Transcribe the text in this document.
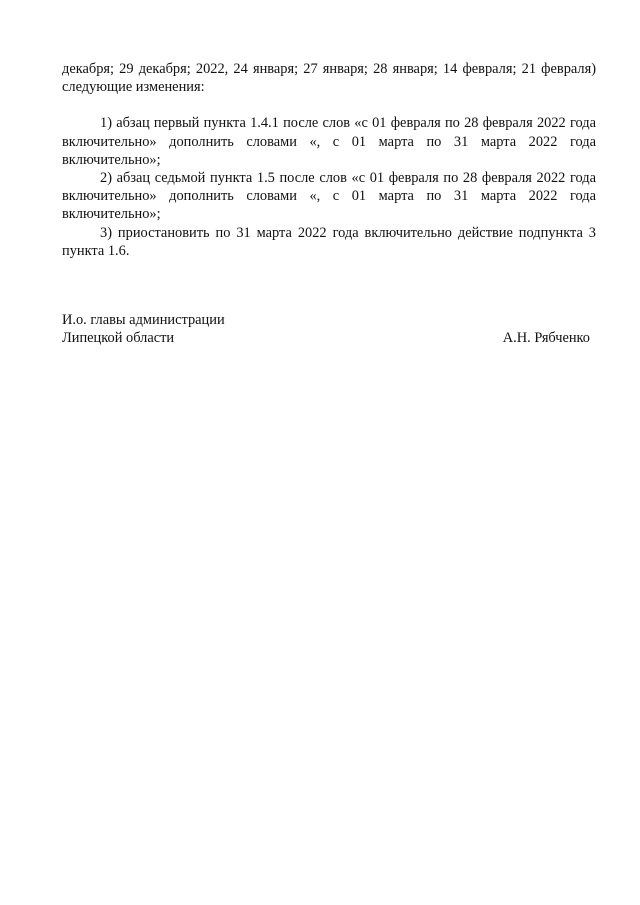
декабря; 29 декабря; 2022, 24 января; 27 января; 28 января; 14 февраля; 21 февраля) следующие изменения:

1) абзац первый пункта 1.4.1 после слов «с 01 февраля по 28 февраля 2022 года включительно» дополнить словами «, с 01 марта по 31 марта 2022 года включительно»;

2) абзац седьмой пункта 1.5 после слов «с 01 февраля по 28 февраля 2022 года включительно» дополнить словами «, с 01 марта по 31 марта 2022 года включительно»;

3) приостановить по 31 марта 2022 года включительно действие подпункта 3 пункта 1.6.

И.о. главы администрации
Липецкой области	А.Н. Рябченко
